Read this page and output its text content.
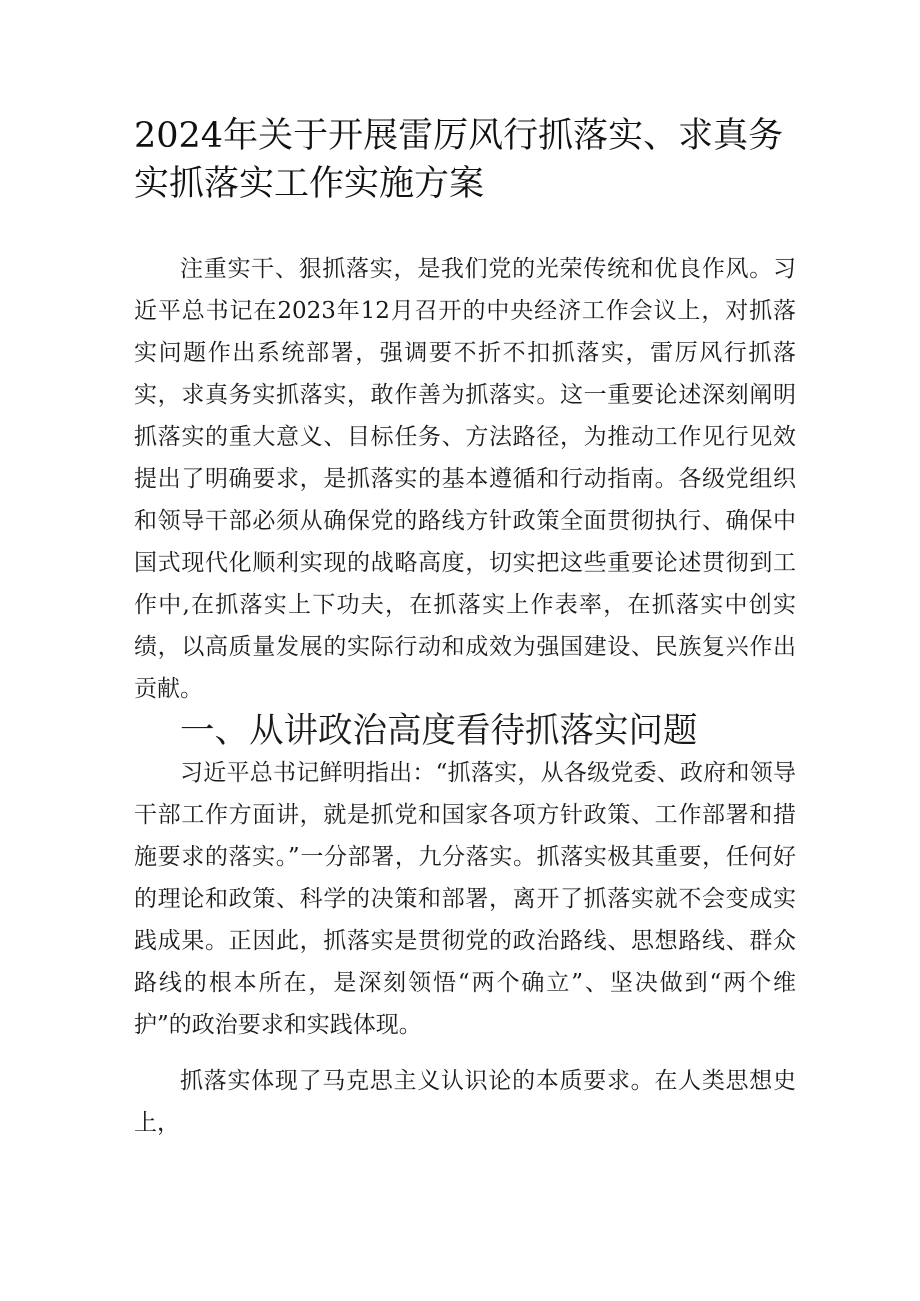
2024年关于开展雷厉风行抓落实、求真务实抓落实工作实施方案

注重实干、狠抓落实，是我们党的光荣传统和优良作风。习近平总书记在2023年12月召开的中央经济工作会议上，对抓落实问题作出系统部署，强调要不折不扣抓落实，雷厉风行抓落实，求真务实抓落实，敢作善为抓落实。这一重要论述深刻阐明抓落实的重大意义、目标任务、方法路径，为推动工作见行见效提出了明确要求，是抓落实的基本遵循和行动指南。各级党组织和领导干部必须从确保党的路线方针政策全面贯彻执行、确保中国式现代化顺利实现的战略高度，切实把这些重要论述贯彻到工作中,在抓落实上下功夫，在抓落实上作表率，在抓落实中创实绩，以高质量发展的实际行动和成效为强国建设、民族复兴作出贡献。

一、从讲政治高度看待抓落实问题

习近平总书记鲜明指出：“抓落实，从各级党委、政府和领导干部工作方面讲，就是抓党和国家各项方针政策、工作部署和措施要求的落实。”一分部署，九分落实。抓落实极其重要，任何好的理论和政策、科学的决策和部署，离开了抓落实就不会变成实践成果。正因此，抓落实是贯彻党的政治路线、思想路线、群众路线的根本所在，是深刻领悟“两个确立”、坚决做到“两个维护”的政治要求和实践体现。

抓落实体现了马克思主义认识论的本质要求。在人类思想史上，
